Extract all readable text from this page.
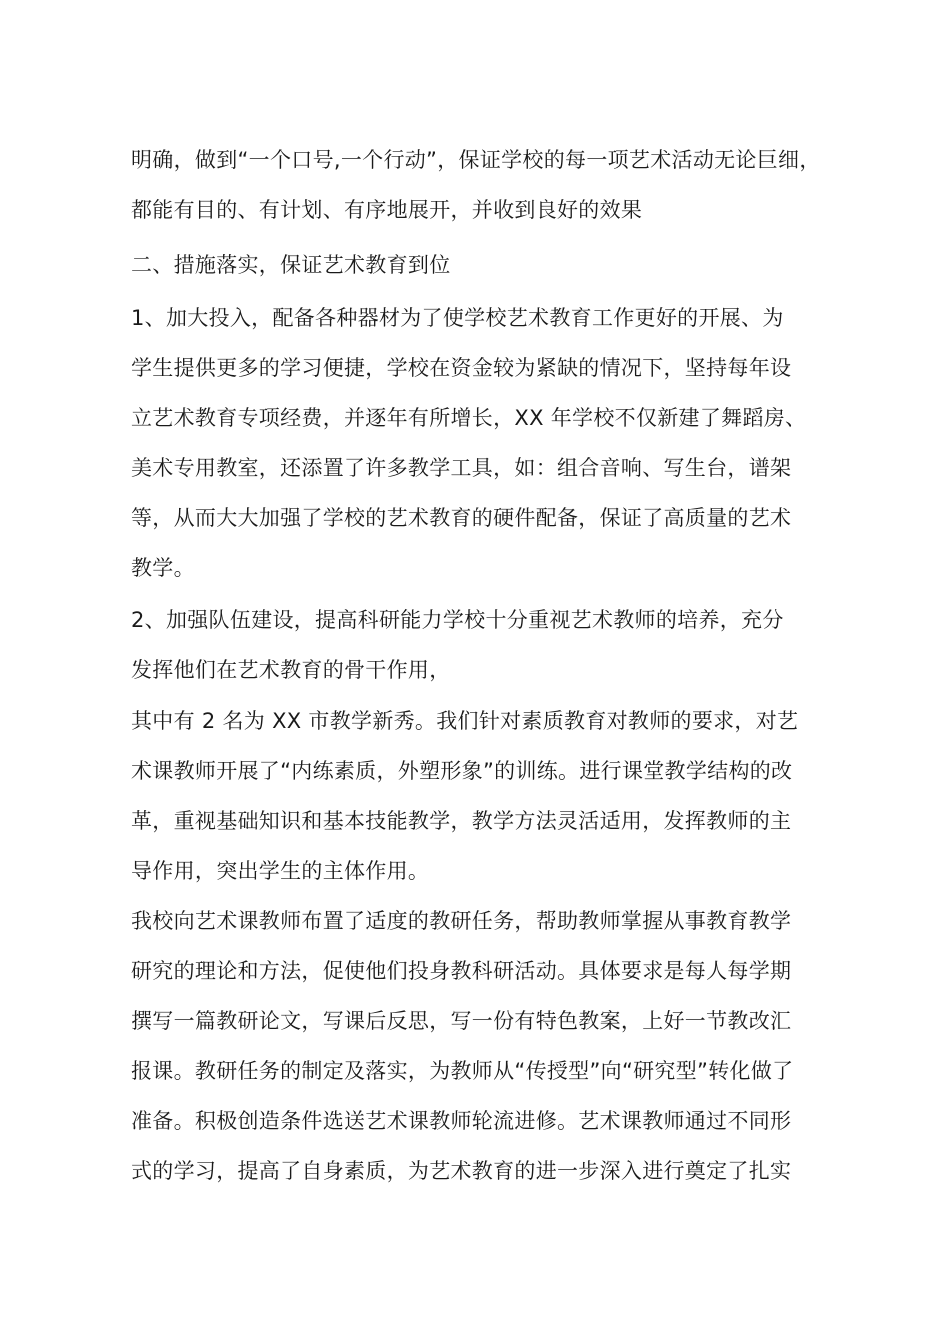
明确，做到“一个口号,一个行动”，保证学校的每一项艺术活动无论巨细，
都能有目的、有计划、有序地展开，并收到良好的效果
二、措施落实，保证艺术教育到位
1、加大投入，配备各种器材为了使学校艺术教育工作更好的开展、为
学生提供更多的学习便捷，学校在资金较为紧缺的情况下，坚持每年设
立艺术教育专项经费，并逐年有所增长，XX 年学校不仅新建了舞蹈房、
美术专用教室，还添置了许多教学工具，如：组合音响、写生台，谱架
等，从而大大加强了学校的艺术教育的硬件配备，保证了高质量的艺术
教学。
2、加强队伍建设，提高科研能力学校十分重视艺术教师的培养，充分
发挥他们在艺术教育的骨干作用，
其中有 2 名为 XX 市教学新秀。我们针对素质教育对教师的要求，对艺
术课教师开展了“内练素质，外塑形象”的训练。进行课堂教学结构的改
革，重视基础知识和基本技能教学，教学方法灵活适用，发挥教师的主
导作用，突出学生的主体作用。
我校向艺术课教师布置了适度的教研任务，帮助教师掌握从事教育教学
研究的理论和方法，促使他们投身教科研活动。具体要求是每人每学期
撰写一篇教研论文，写课后反思，写一份有特色教案，上好一节教改汇
报课。教研任务的制定及落实，为教师从“传授型”向“研究型”转化做了
准备。积极创造条件选送艺术课教师轮流进修。艺术课教师通过不同形
式的学习，提高了自身素质，为艺术教育的进一步深入进行奠定了扎实
